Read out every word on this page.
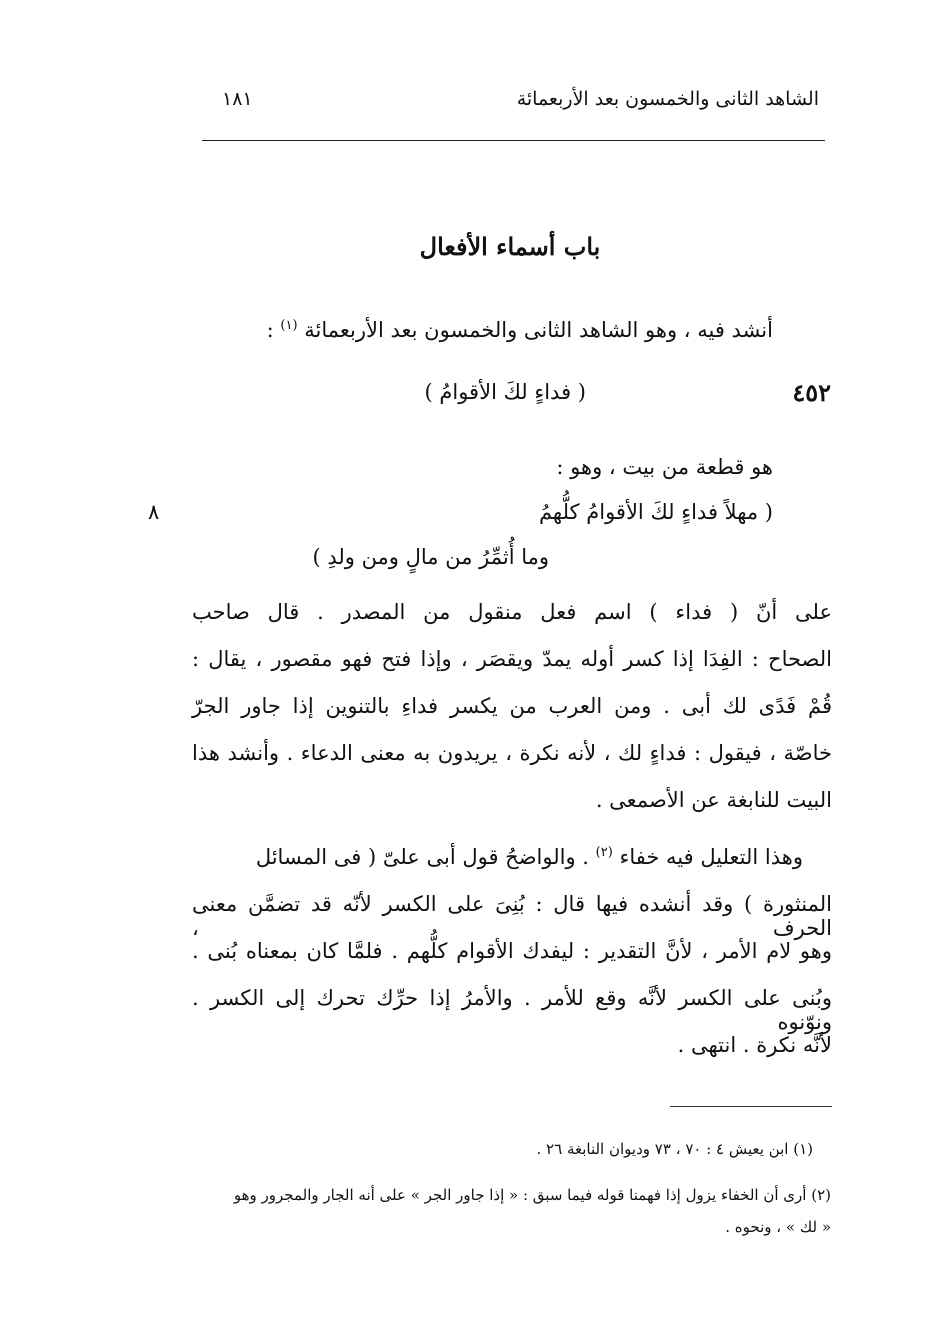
الشاهد الثانى والخمسون بعد الأربعمائة
١٨١
باب أسماء الأفعال
أنشد فيه ، وهو الشاهد الثانى والخمسون بعد الأربعمائة $^{(١)}$ :
٤٥٢
( فداءٍ لكَ الأقوامُ )
هو قطعة من بيت ، وهو :
( مهلاً فداءٍ لكَ الأقوامُ كلُّهمُ
وما أُثمِّرُ من مالٍ ومن ولدِ )
٨
على أنّ ( فداء ) اسم فعل منقول من المصدر . قال صاحب
الصحاح : الفِدَا إذا كسر أوله يمدّ ويقصَر ، وإذا فتح فهو مقصور ، يقال :
قُمْ فَدًى لك أبى . ومن العرب من يكسر فداءِ بالتنوين إذا جاور الجرّ
خاصّة ، فيقول : فداءٍ لك ، لأنه نكرة ، يريدون به معنى الدعاء . وأنشد هذا
البيت للنابغة عن الأصمعى .
وهذا التعليل فيه خفاء $^{(٢)}$ . والواضحُ قول أبى علىّ ( فى المسائل
المنثورة ) وقد أنشده فيها قال : بُنِىَ على الكسر لأنّه قد تضمَّن معنى الحرف ،
وهو لام الأمر ، لأنَّ التقدير : ليفدك الأقوام كلُّهم . فلمَّا كان بمعناه بُنى .
وبُنى على الكسر لأنَّه وقع للأمر . والأمرُ إذا حرِّك تحرك إلى الكسر . ونوّنوه
لأنَّه نكرة . انتهى .
(١) ابن يعيش ٤ : ٧٠ ، ٧٣ وديوان النابغة ٢٦ .
(٢) أرى أن الخفاء يزول إذا فهمنا قوله فيما سبق : « إذا جاور الجر » على أنه الجار والمجرور وهو
« لك » ، ونحوه .
